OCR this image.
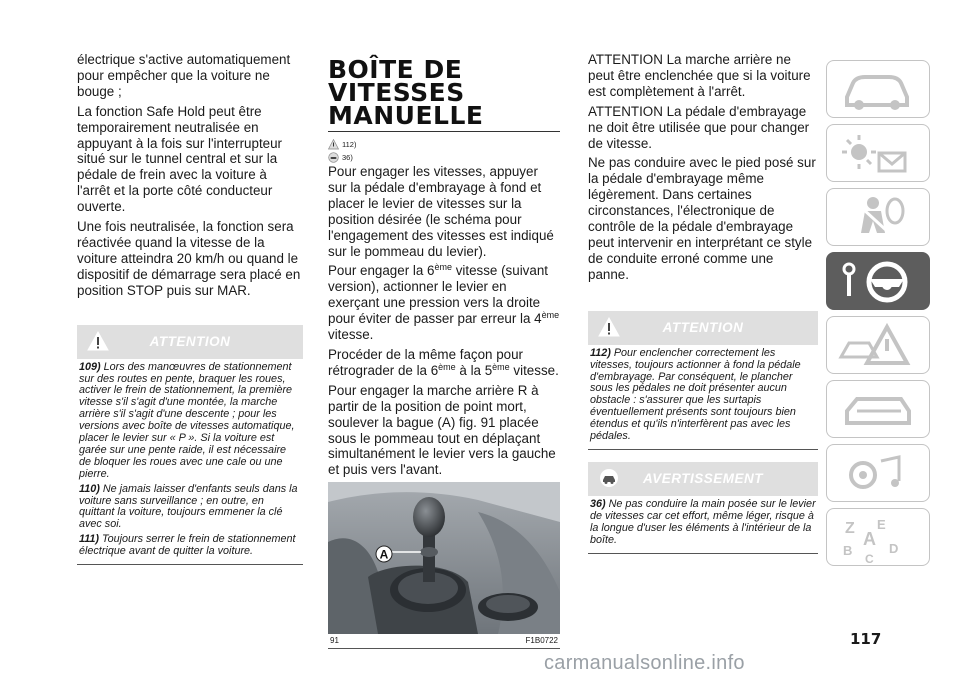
électrique s'active automatiquement pour empêcher que la voiture ne bouge ;

La fonction Safe Hold peut être temporairement neutralisée en appuyant à la fois sur l'interrupteur situé sur le tunnel central et sur la pédale de frein avec la voiture à l'arrêt et la porte côté conducteur ouverte.

Une fois neutralisée, la fonction sera réactivée quand la vitesse de la voiture atteindra 20 km/h ou quand le dispositif de démarrage sera placé en position STOP puis sur MAR.

ATTENTION

109) Lors des manœuvres de stationnement sur des routes en pente, braquer les roues, activer le frein de stationnement, la première vitesse s'il s'agit d'une montée, la marche arrière s'il s'agit d'une descente ; pour les versions avec boîte de vitesses automatique, placer le levier sur « P ». Si la voiture est garée sur une pente raide, il est nécessaire de bloquer les roues avec une cale ou une pierre.

110) Ne jamais laisser d'enfants seuls dans la voiture sans surveillance ; en outre, en quittant la voiture, toujours emmener la clé avec soi.

111) Toujours serrer le frein de stationnement électrique avant de quitter la voiture.

BOÎTE DE VITESSES
MANUELLE
112)
36)

Pour engager les vitesses, appuyer sur la pédale d'embrayage à fond et placer le levier de vitesses sur la position désirée (le schéma pour l'engagement des vitesses est indiqué sur le pommeau du levier).

Pour engager la 6ème vitesse (suivant version), actionner le levier en exerçant une pression vers la droite pour éviter de passer par erreur la 4ème vitesse.

Procéder de la même façon pour rétrograder de la 6ème à la 5ème vitesse.

Pour engager la marche arrière R à partir de la position de point mort, soulever la bague (A) fig. 91 placée sous le pommeau tout en déplaçant simultanément le levier vers la gauche et puis vers l'avant.

A
91	F1B0722

ATTENTION La marche arrière ne peut être enclenchée que si la voiture est complètement à l'arrêt.

ATTENTION La pédale d'embrayage ne doit être utilisée que pour changer de vitesse.

Ne pas conduire avec le pied posé sur la pédale d'embrayage même légèrement. Dans certaines circonstances, l'électronique de contrôle de la pédale d'embrayage peut intervenir en interprétant ce style de conduite erroné comme une panne.

ATTENTION

112) Pour enclencher correctement les vitesses, toujours actionner à fond la pédale d'embrayage. Par conséquent, le plancher sous les pédales ne doit présenter aucun obstacle : s'assurer que les surtapis éventuellement présents sont toujours bien étendus et qu'ils n'interfèrent pas avec les pédales.

AVERTISSEMENT

36) Ne pas conduire la main posée sur le levier de vitesses car cet effort, même léger, risque à la longue d'user les éléments à l'intérieur de la boîte.

Z E
A
B	D
C
117
carmanualsonline.info
